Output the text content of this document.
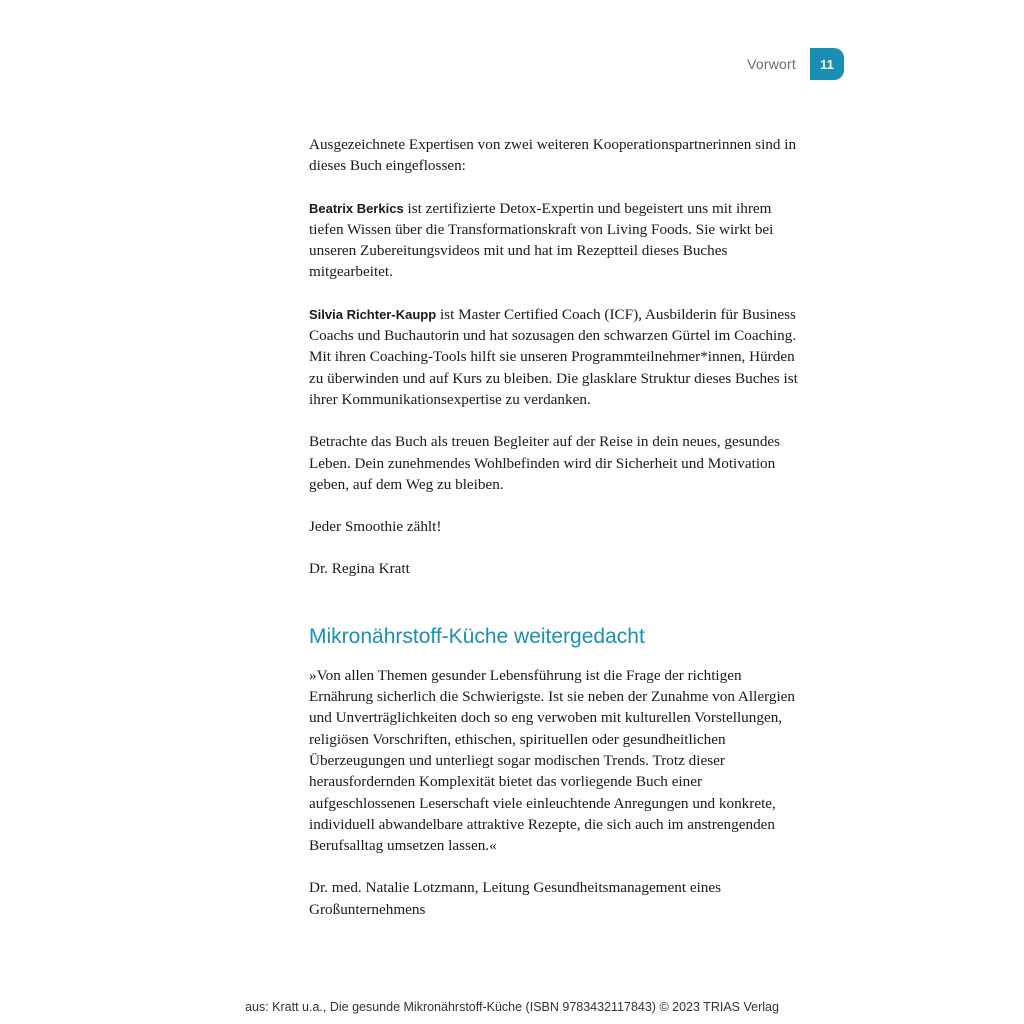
Vorwort	11

Ausgezeichnete Expertisen von zwei weiteren Kooperationspartnerinnen sind in dieses Buch eingeflossen:

Beatrix Berkics ist zertifizierte Detox-Expertin und begeistert uns mit ihrem tiefen Wissen über die Transformationskraft von Living Foods. Sie wirkt bei unseren Zubereitungsvideos mit und hat im Rezeptteil dieses Buches mitgearbeitet.

Silvia Richter-Kaupp ist Master Certified Coach (ICF), Ausbilderin für Business Coachs und Buchautorin und hat sozusagen den schwarzen Gürtel im Coaching. Mit ihren Coaching-Tools hilft sie unseren Programmteilnehmer*innen, Hürden zu überwinden und auf Kurs zu bleiben. Die glasklare Struktur dieses Buches ist ihrer Kommunikationsexpertise zu verdanken.

Betrachte das Buch als treuen Begleiter auf der Reise in dein neues, gesundes Leben. Dein zunehmendes Wohlbefinden wird dir Sicherheit und Motivation geben, auf dem Weg zu bleiben.

Jeder Smoothie zählt!

Dr. Regina Kratt

Mikronährstoff-Küche weitergedacht

»Von allen Themen gesunder Lebensführung ist die Frage der richtigen Ernährung sicherlich die Schwierigste. Ist sie neben der Zunahme von Allergien und Unverträglichkeiten doch so eng verwoben mit kulturellen Vorstellungen, religiösen Vorschriften, ethischen, spirituellen oder gesundheitlichen Überzeugungen und unterliegt sogar modischen Trends. Trotz dieser herausfordernden Komplexität bietet das vorliegende Buch einer aufgeschlossenen Leserschaft viele einleuchtende Anregungen und konkrete, individuell abwandelbare attraktive Rezepte, die sich auch im anstrengenden Berufsalltag umsetzen lassen.«

Dr. med. Natalie Lotzmann, Leitung Gesundheitsmanagement eines Großunternehmens

aus: Kratt u.a., Die gesunde Mikronährstoff-Küche (ISBN 9783432117843) © 2023 TRIAS Verlag
